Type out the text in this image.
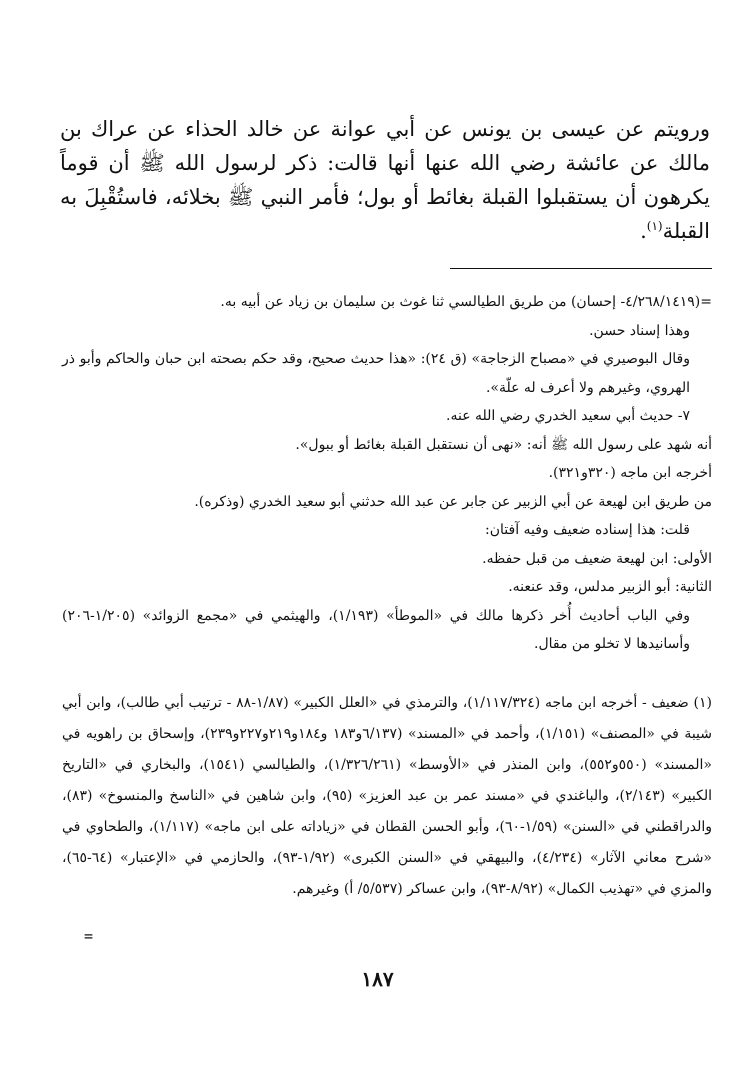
ورويتم عن عيسى بن يونس عن أبي عوانة عن خالد الحذاء عن عراك بن مالك عن عائشة رضي الله عنها أنها قالت: ذكر لرسول الله ﷺ أن قوماً يكرهون أن يستقبلوا القبلة بغائط أو بول؛ فأمر النبي ﷺ بخلائه، فاستُقْبِلَ به القبلة$^{(١)}$.

=(٤/٢٦٨/١٤١٩- إحسان) من طريق الطيالسي ثنا غوث بن سليمان بن زياد عن أبيه به.

وهذا إسناد حسن.

وقال البوصيري في «مصباح الزجاجة» (ق ٢٤): «هذا حديث صحيح، وقد حكم بصحته ابن حبان والحاكم وأبو ذر الهروي، وغيرهم ولا أعرف له علّة».

٧- حديث أبي سعيد الخدري رضي الله عنه.

أنه شهد على رسول الله ﷺ أنه: «نهى أن نستقبل القبلة بغائط أو ببول».

أخرجه ابن ماجه (٣٢٠و٣٢١).

من طريق ابن لهيعة عن أبي الزبير عن جابر عن عبد الله حدثني أبو سعيد الخدري (وذكره).

قلت: هذا إسناده ضعيف وفيه آفتان:

الأولى: ابن لهيعة ضعيف من قبل حفظه.

الثانية: أبو الزبير مدلس، وقد عنعنه.

وفي الباب أحاديث أُخر ذكرها مالك في «الموطأ» (١/١٩٣)، والهيثمي في «مجمع الزوائد» (١/٢٠٥-٢٠٦) وأسانيدها لا تخلو من مقال.

(١) ضعيف - أخرجه ابن ماجه (١/١١٧/٣٢٤)، والترمذي في «العلل الكبير» (١/٨٧-٨٨ - ترتيب أبي طالب)، وابن أبي شيبة في «المصنف» (١/١٥١)، وأحمد في «المسند» (٦/١٣٧و١٨٣ و١٨٤و٢١٩و٢٢٧و٢٣٩)، وإسحاق بن راهويه في «المسند» (٥٥٠و٥٥٢)، وابن المنذر في «الأوسط» (١/٣٢٦/٢٦١)، والطيالسي (١٥٤١)، والبخاري في «التاريخ الكبير» (٢/١٤٣)، والباغندي في «مسند عمر بن عبد العزيز» (٩٥)، وابن شاهين في «الناسخ والمنسوخ» (٨٣)، والدراقطني في «السنن» (١/٥٩-٦٠)، وأبو الحسن القطان في «زياداته على ابن ماجه» (١/١١٧)، والطحاوي في «شرح معاني الآثار» (٤/٢٣٤)، والبيهقي في «السنن الكبرى» (١/٩٢-٩٣)، والحازمي في «الإعتبار» (٦٤-٦٥)، والمزي في «تهذيب الكمال» (٨/٩٢-٩٣)، وابن عساكر (٥/٥٣٧/ أ) وغيرهم.

=
١٨٧
